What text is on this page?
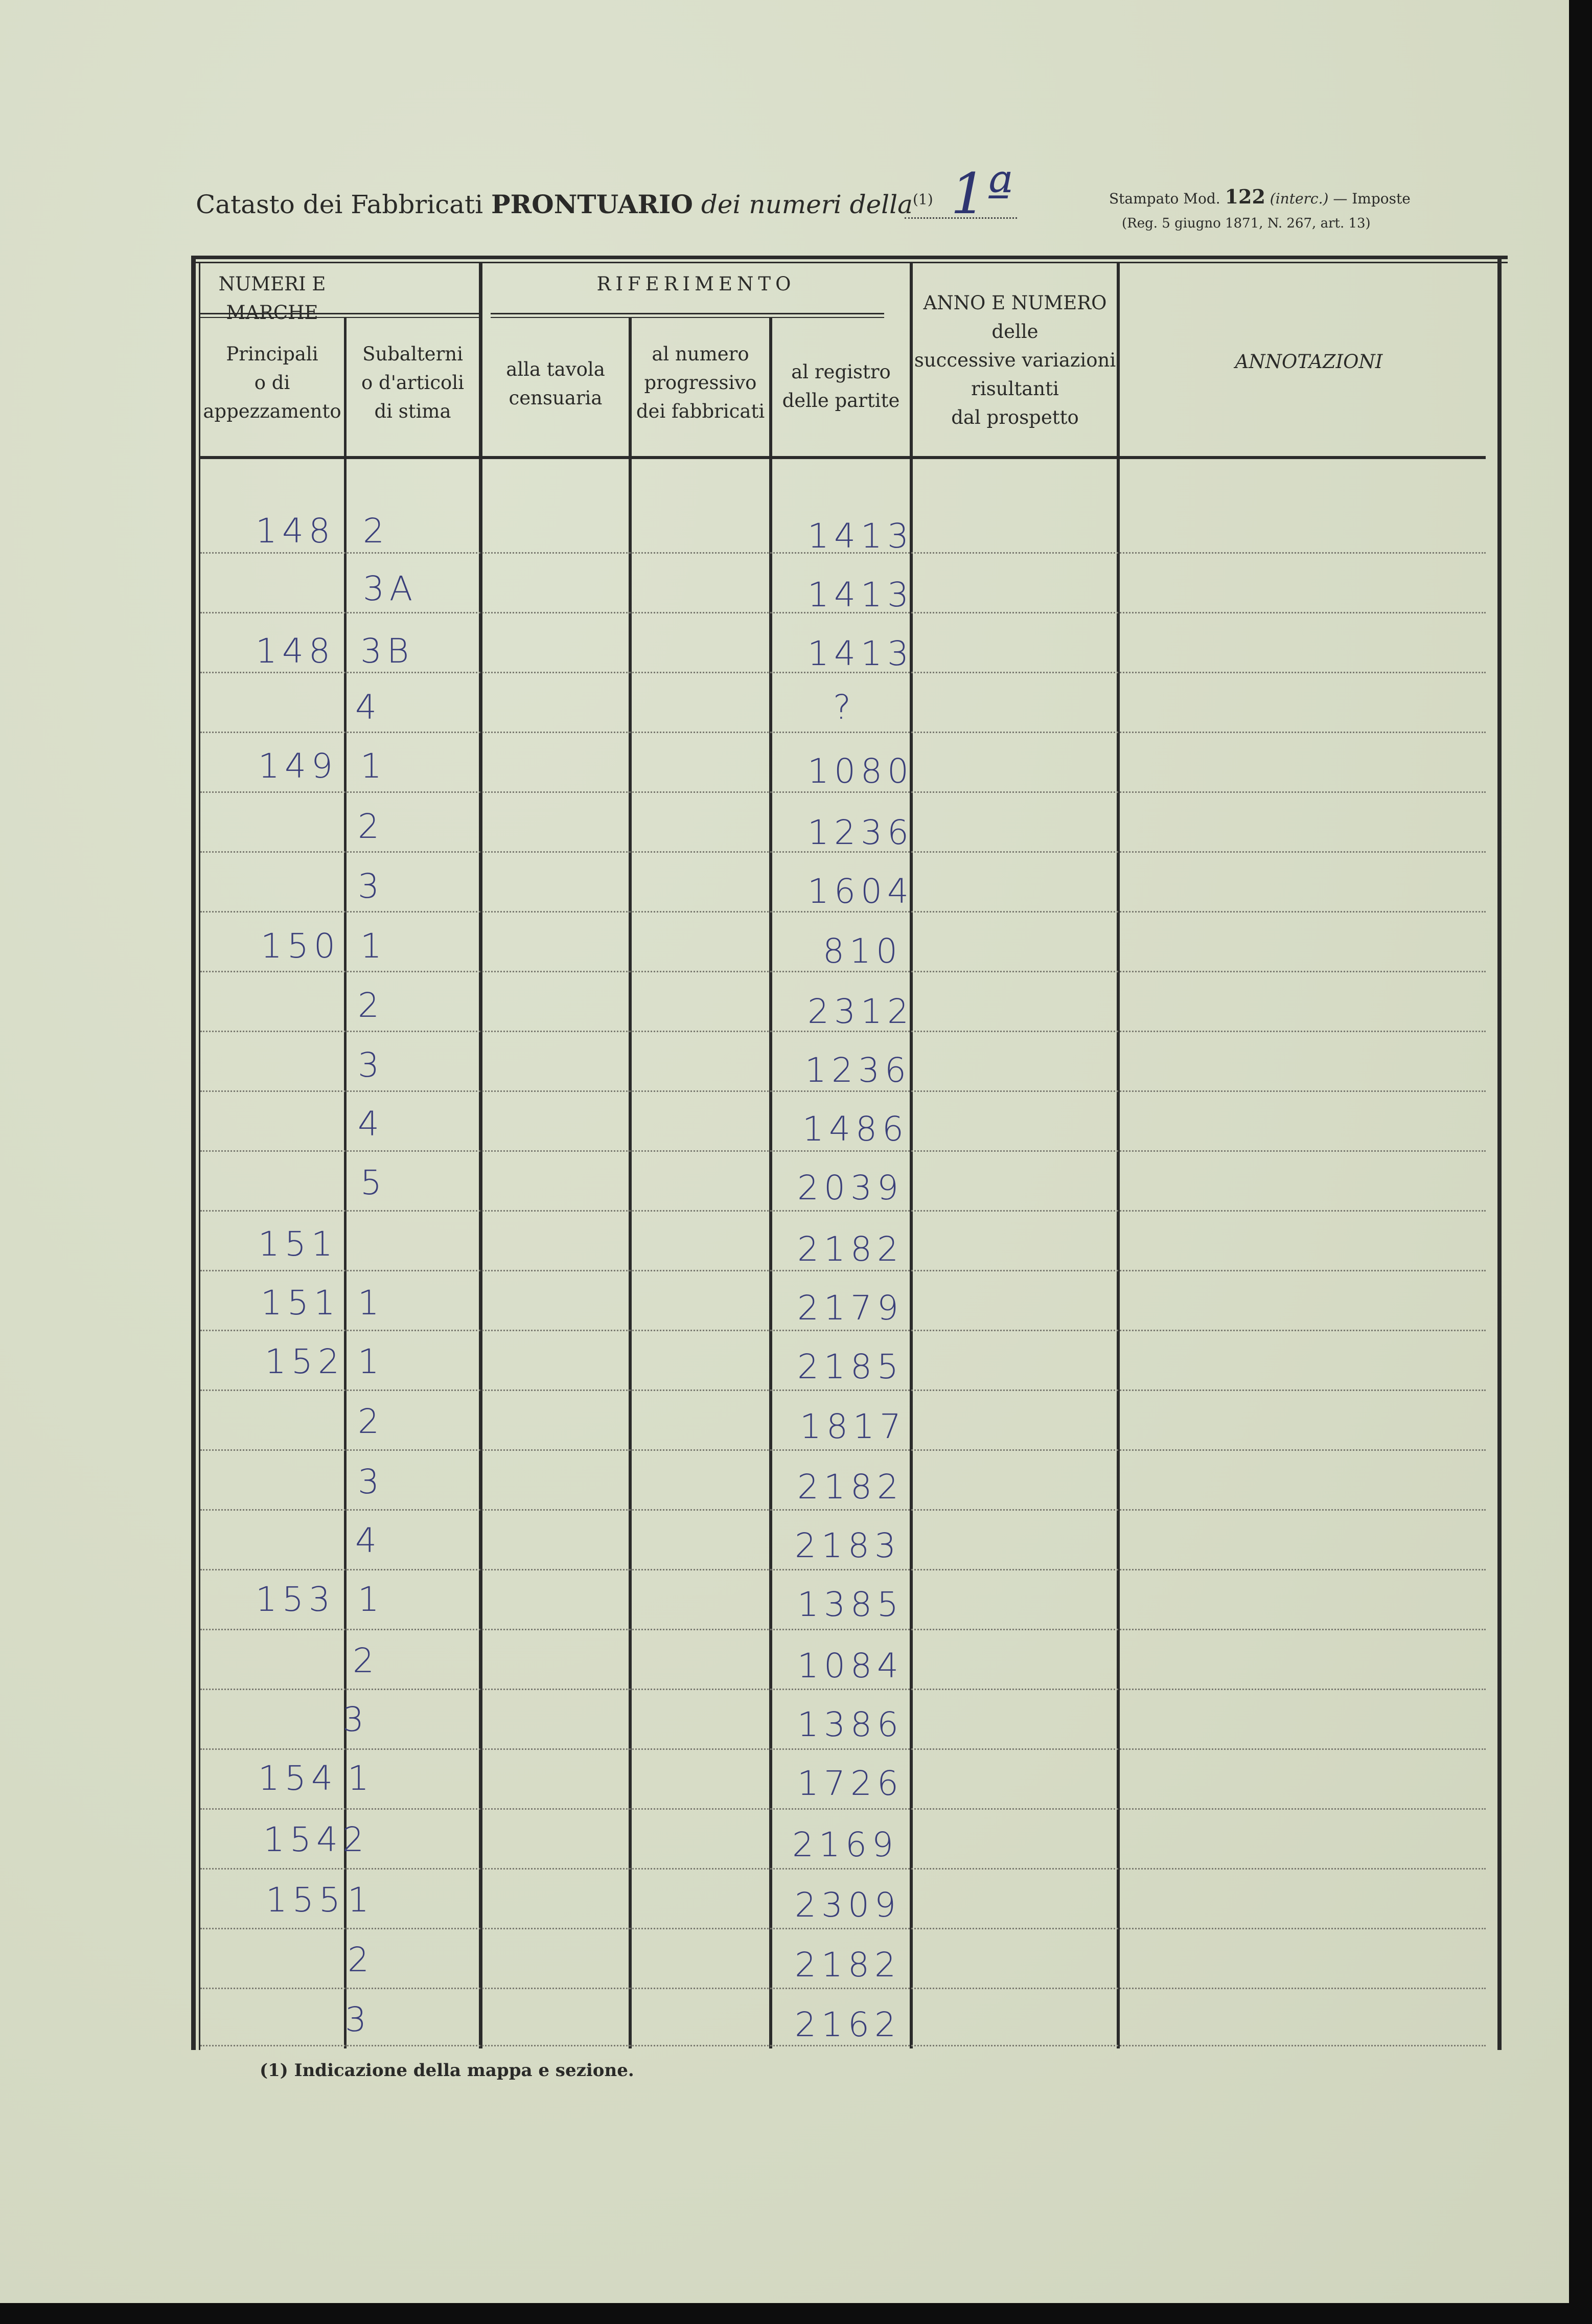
Catasto dei Fabbricati PRONTUARIO dei numeri della$^{(1)}$ 1ª	Stampato Mod. 122 (interc.) — Imposte
(Reg. 5 giugno 1871, N. 267, art. 13)
NUMERI E MARCHE
RIFERIMENTO
ANNO E NUMERO
delle
successive variazioni
risultanti
dal prospetto
ANNOTAZIONI
Principali
o di
appezzamento
Subalterni
o d'articoli
di stima
alla tavola
censuaria
al numero
progressivo
dei fabbricati
al registro
delle partite
148 2	1413
3A	1413
148 3B	1413
4	?
149 1	1080
2	1236
3	1604
150 1	810
2	2312
3	1236
4	1486
5	2039
151	2182
151 1	2179
152 1	2185
2	1817
3	2182
4	2183
153 1	1385
2	1084
3	1386
154 1	1726
154 2	2169
155 1	2309
2	2182
3	2162
(1) Indicazione della mappa e sezione.
